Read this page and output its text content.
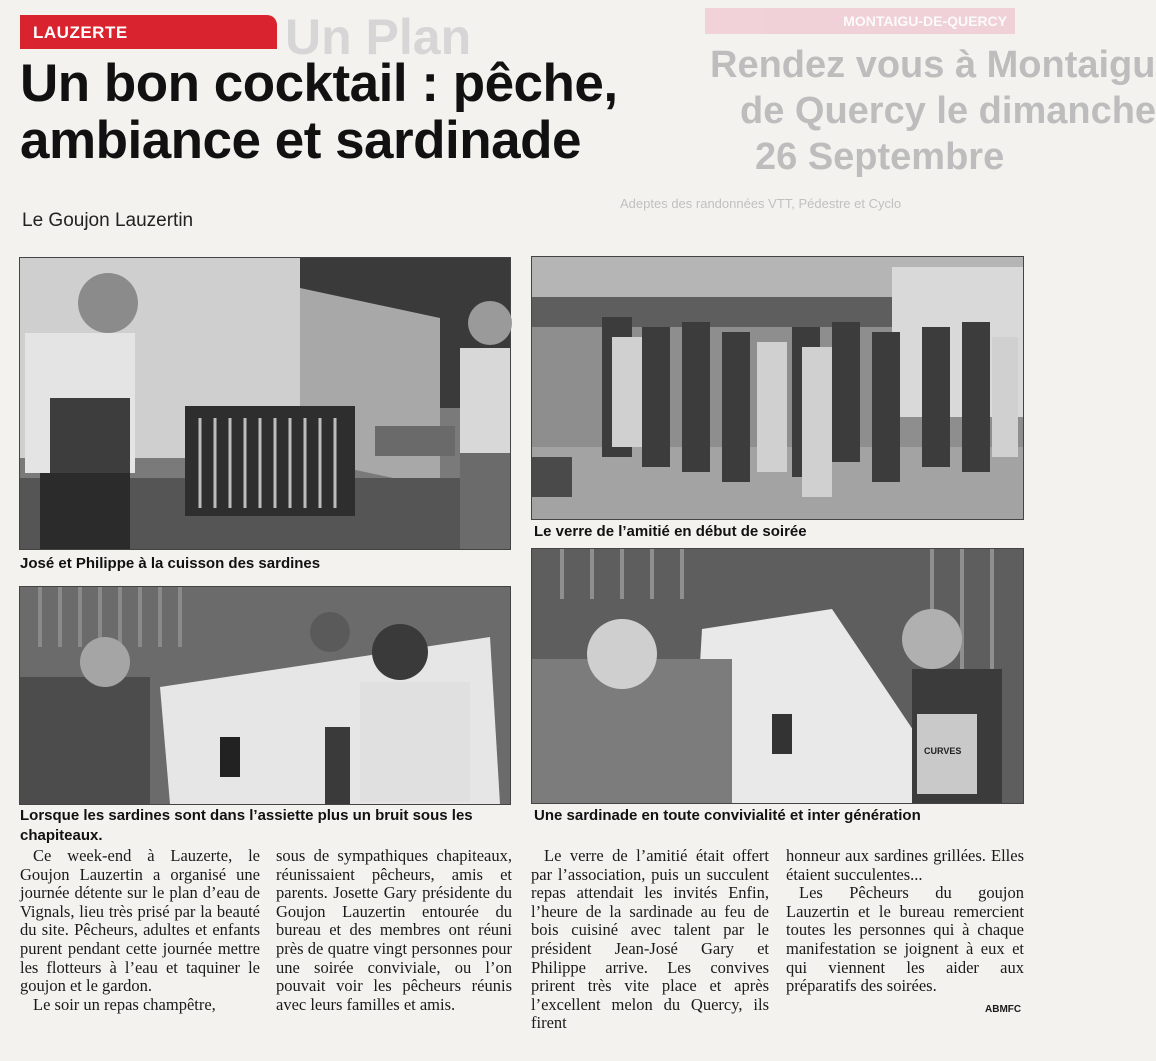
MONTAIGU-DE-QUERCY
Rendez vous à Montaigu
de Quercy le dimanche
26 Septembre
Adeptes des randonnées VTT, Pédestre et Cyclo
Un Plan
LAUZERTE
Un bon cocktail : pêche, ambiance et sardinade
Le Goujon Lauzertin
José et Philippe à la cuisson des sardines
Le verre de l’amitié en début de soirée
Lorsque les sardines sont dans l’assiette plus un bruit sous les chapiteaux.
CURVES
Une sardinade en toute convivialité et inter génération

Ce week-end à Lauzerte, le Goujon Lauzertin a organisé une journée détente sur le plan d’eau de Vignals, lieu très prisé par la beauté du site. Pêcheurs, adultes et enfants purent pendant cette journée mettre les flotteurs à l’eau et taquiner le goujon et le gardon.

Le soir un repas champêtre,

sous de sympathiques chapiteaux, réunissaient pêcheurs, amis et parents. Josette Gary présidente du Goujon Lauzertin entourée du bureau et des membres ont réuni près de quatre vingt personnes pour une soirée conviviale, ou l’on pouvait voir les pêcheurs réunis avec leurs familles et amis.

Le verre de l’amitié était offert par l’association, puis un succulent repas attendait les invités Enfin, l’heure de la sardinade au feu de bois cuisiné avec talent par le président Jean-José Gary et Philippe arrive. Les convives prirent très vite place et après l’excellent melon du Quercy, ils firent

honneur aux sardines grillées. Elles étaient succulentes...

Les Pêcheurs du goujon Lauzertin et le bureau remercient toutes les personnes qui à chaque manifestation se joignent à eux et qui viennent les aider aux préparatifs des soirées.

ABMFC
